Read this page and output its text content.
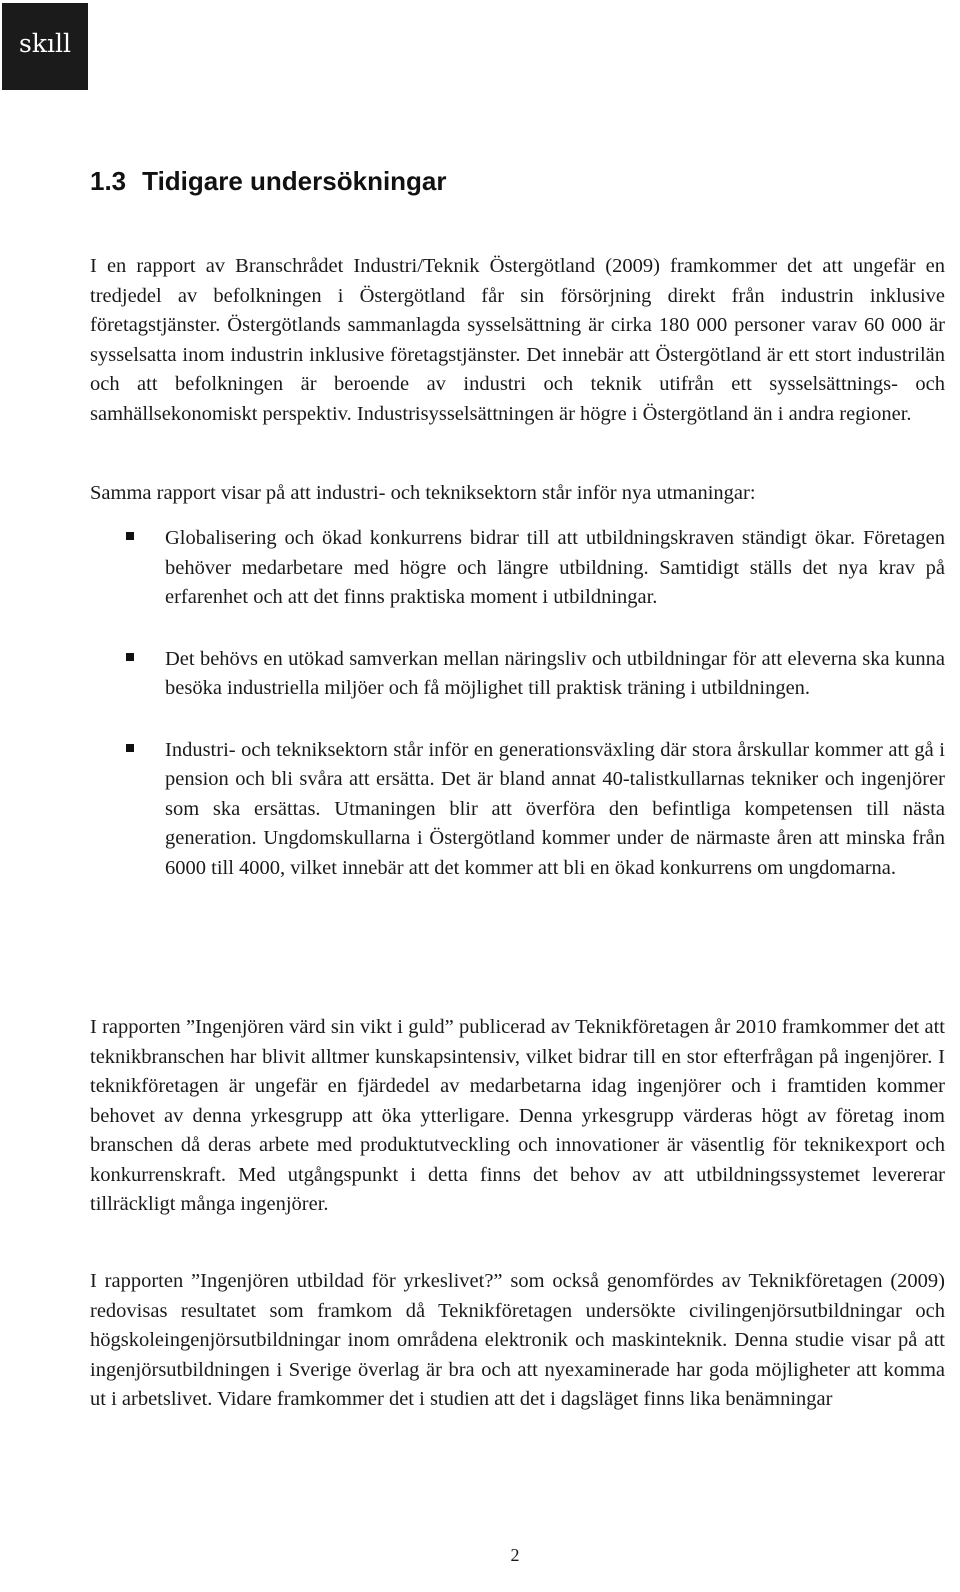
skıll
1.3 Tidigare undersökningar

I en rapport av Branschrådet Industri/Teknik Östergötland (2009) framkommer det att ungefär en tredjedel av befolkningen i Östergötland får sin försörjning direkt från industrin inklusive företagstjänster. Östergötlands sammanlagda sysselsättning är cirka 180 000 personer varav 60 000 är sysselsatta inom industrin inklusive företagstjänster. Det innebär att Östergötland är ett stort industrilän och att befolkningen är beroende av industri och teknik utifrån ett sysselsättnings- och samhällsekonomiskt perspektiv. Industrisysselsättningen är högre i Östergötland än i andra regioner.

Samma rapport visar på att industri- och tekniksektorn står inför nya utmaningar:

Globalisering och ökad konkurrens bidrar till att utbildningskraven ständigt ökar. Företagen behöver medarbetare med högre och längre utbildning. Samtidigt ställs det nya krav på erfarenhet och att det finns praktiska moment i utbildningar.
Det behövs en utökad samverkan mellan näringsliv och utbildningar för att eleverna ska kunna besöka industriella miljöer och få möjlighet till praktisk träning i utbildningen.
Industri- och tekniksektorn står inför en generationsväxling där stora årskullar kommer att gå i pension och bli svåra att ersätta. Det är bland annat 40-talistkullarnas tekniker och ingenjörer som ska ersättas. Utmaningen blir att överföra den befintliga kompetensen till nästa generation. Ungdomskullarna i Östergötland kommer under de närmaste åren att minska från 6000 till 4000, vilket innebär att det kommer att bli en ökad konkurrens om ungdomarna.

I rapporten ”Ingenjören värd sin vikt i guld” publicerad av Teknikföretagen år 2010 framkommer det att teknikbranschen har blivit alltmer kunskapsintensiv, vilket bidrar till en stor efterfrågan på ingenjörer. I teknikföretagen är ungefär en fjärdedel av medarbetarna idag ingenjörer och i framtiden kommer behovet av denna yrkesgrupp att öka ytterligare. Denna yrkesgrupp värderas högt av företag inom branschen då deras arbete med produktutveckling och innovationer är väsentlig för teknikexport och konkurrenskraft. Med utgångspunkt i detta finns det behov av att utbildningssystemet levererar tillräckligt många ingenjörer.

I rapporten ”Ingenjören utbildad för yrkeslivet?” som också genomfördes av Teknikföretagen (2009) redovisas resultatet som framkom då Teknikföretagen undersökte civilingenjörsutbildningar och högskoleingenjörsutbildningar inom områdena elektronik och maskinteknik. Denna studie visar på att ingenjörsutbildningen i Sverige överlag är bra och att nyexaminerade har goda möjligheter att komma ut i arbetslivet. Vidare framkommer det i studien att det i dagsläget finns lika benämningar

2
